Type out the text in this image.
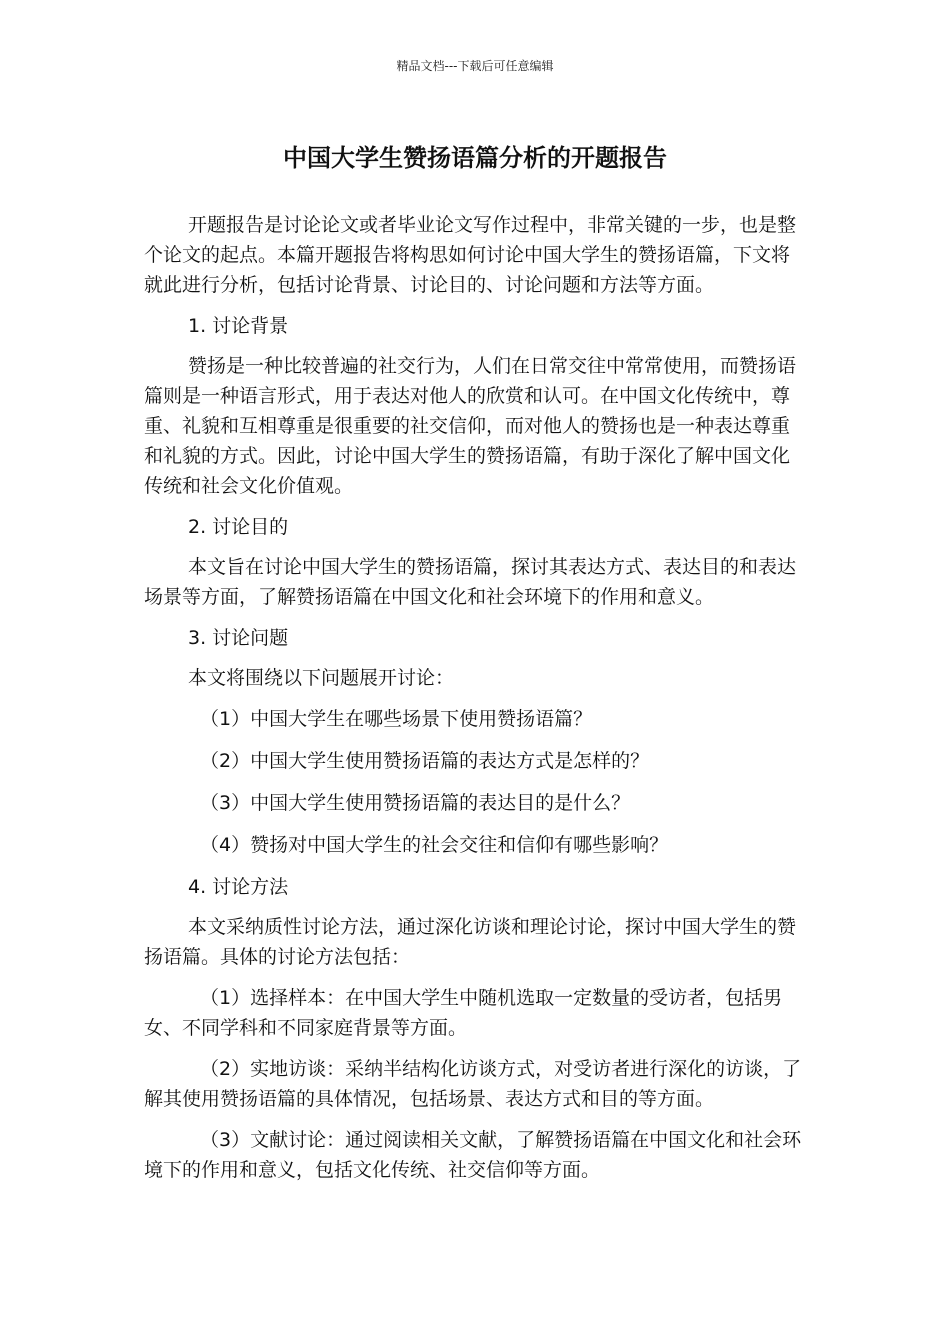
精品文档---下载后可任意编辑
中国大学生赞扬语篇分析的开题报告

开题报告是讨论论文或者毕业论文写作过程中，非常关键的一步，也是整个论文的起点。本篇开题报告将构思如何讨论中国大学生的赞扬语篇，下文将就此进行分析，包括讨论背景、讨论目的、讨论问题和方法等方面。

1. 讨论背景

赞扬是一种比较普遍的社交行为，人们在日常交往中常常使用，而赞扬语篇则是一种语言形式，用于表达对他人的欣赏和认可。在中国文化传统中，尊重、礼貌和互相尊重是很重要的社交信仰，而对他人的赞扬也是一种表达尊重和礼貌的方式。因此，讨论中国大学生的赞扬语篇，有助于深化了解中国文化传统和社会文化价值观。

2. 讨论目的

本文旨在讨论中国大学生的赞扬语篇，探讨其表达方式、表达目的和表达场景等方面，了解赞扬语篇在中国文化和社会环境下的作用和意义。

3. 讨论问题

本文将围绕以下问题展开讨论：

（1）中国大学生在哪些场景下使用赞扬语篇？

（2）中国大学生使用赞扬语篇的表达方式是怎样的？

（3）中国大学生使用赞扬语篇的表达目的是什么？

（4）赞扬对中国大学生的社会交往和信仰有哪些影响？

4. 讨论方法

本文采纳质性讨论方法，通过深化访谈和理论讨论，探讨中国大学生的赞扬语篇。具体的讨论方法包括：

（1）选择样本：在中国大学生中随机选取一定数量的受访者，包括男女、不同学科和不同家庭背景等方面。

（2）实地访谈：采纳半结构化访谈方式，对受访者进行深化的访谈，了解其使用赞扬语篇的具体情况，包括场景、表达方式和目的等方面。

（3）文献讨论：通过阅读相关文献，了解赞扬语篇在中国文化和社会环境下的作用和意义，包括文化传统、社交信仰等方面。
